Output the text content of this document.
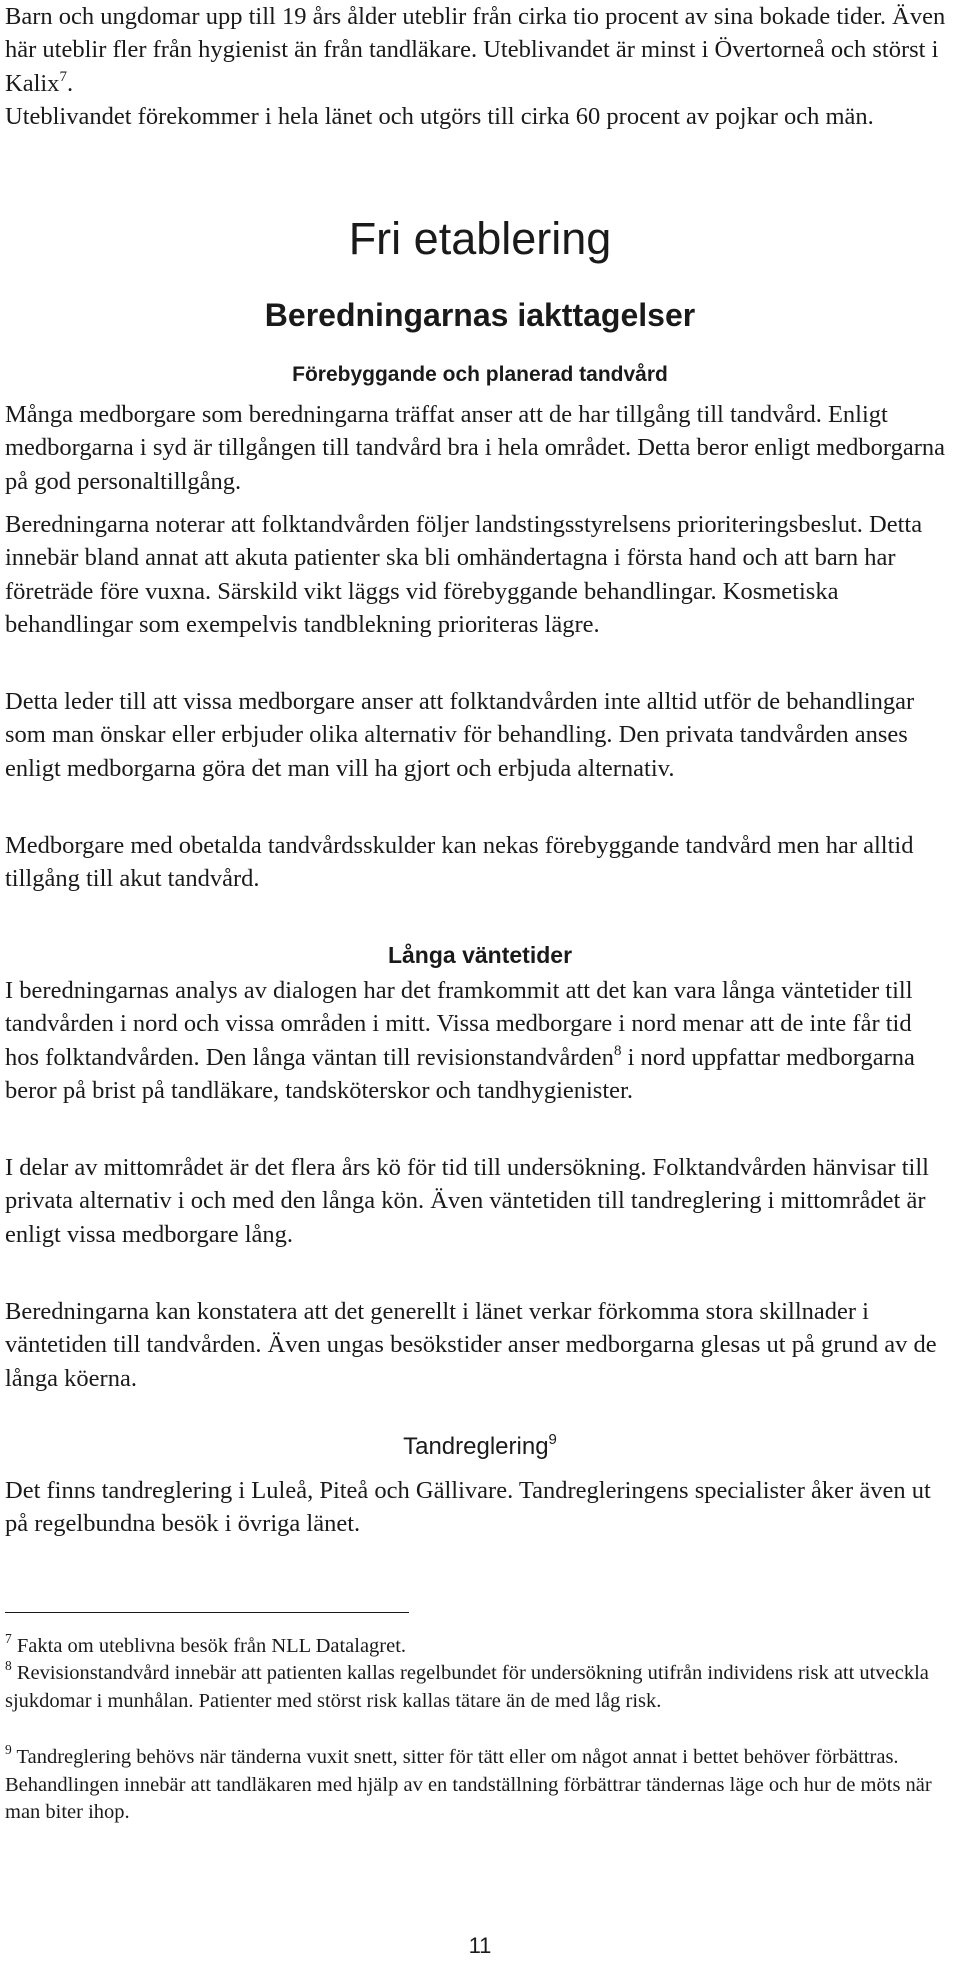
Barn och ungdomar upp till 19 års ålder uteblir från cirka tio procent av sina bokade tider. Även här uteblir fler från hygienist än från tandläkare. Uteblivandet är minst i Övertorneå och störst i Kalix$^7$.

Uteblivandet förekommer i hela länet och utgörs till cirka 60 procent av pojkar och män.

Fri etablering
Beredningarnas iakttagelser
Förebyggande och planerad tandvård

Många medborgare som beredningarna träffat anser att de har tillgång till tandvård. Enligt medborgarna i syd är tillgången till tandvård bra i hela området. Detta beror enligt medborgarna på god personaltillgång.

Beredningarna noterar att folktandvården följer landstingsstyrelsens prioriteringsbeslut. Detta innebär bland annat att akuta patienter ska bli omhändertagna i första hand och att barn har företräde före vuxna. Särskild vikt läggs vid förebyggande behandlingar. Kosmetiska behandlingar som exempelvis tandblekning prioriteras lägre.

Detta leder till att vissa medborgare anser att folktandvården inte alltid utför de behandlingar som man önskar eller erbjuder olika alternativ för behandling. Den privata tandvården anses enligt medborgarna göra det man vill ha gjort och erbjuda alternativ.

Medborgare med obetalda tandvårdsskulder kan nekas förebyggande tandvård men har alltid tillgång till akut tandvård.

Långa väntetider

I beredningarnas analys av dialogen har det framkommit att det kan vara långa väntetider till tandvården i nord och vissa områden i mitt. Vissa medborgare i nord menar att de inte får tid hos folktandvården. Den långa väntan till revisionstandvården$^8$ i nord uppfattar medborgarna beror på brist på tandläkare, tandsköterskor och tandhygienister.

I delar av mittområdet är det flera års kö för tid till undersökning. Folktandvården hänvisar till privata alternativ i och med den långa kön. Även väntetiden till tandreglering i mittområdet är enligt vissa medborgare lång.

Beredningarna kan konstatera att det generellt i länet verkar förkomma stora skillnader i väntetiden till tandvården. Även ungas besökstider anser medborgarna glesas ut på grund av de långa köerna.

Tandreglering$^9$

Det finns tandreglering i Luleå, Piteå och Gällivare. Tandregleringens specialister åker även ut på regelbundna besök i övriga länet.

$^7$ Fakta om uteblivna besök från NLL Datalagret.

$^8$ Revisionstandvård innebär att patienten kallas regelbundet för undersökning utifrån individens risk att utveckla sjukdomar i munhålan. Patienter med störst risk kallas tätare än de med låg risk.

$^9$ Tandreglering behövs när tänderna vuxit snett, sitter för tätt eller om något annat i bettet behöver förbättras. Behandlingen innebär att tandläkaren med hjälp av en tandställning förbättrar tändernas läge och hur de möts när man biter ihop.

11
